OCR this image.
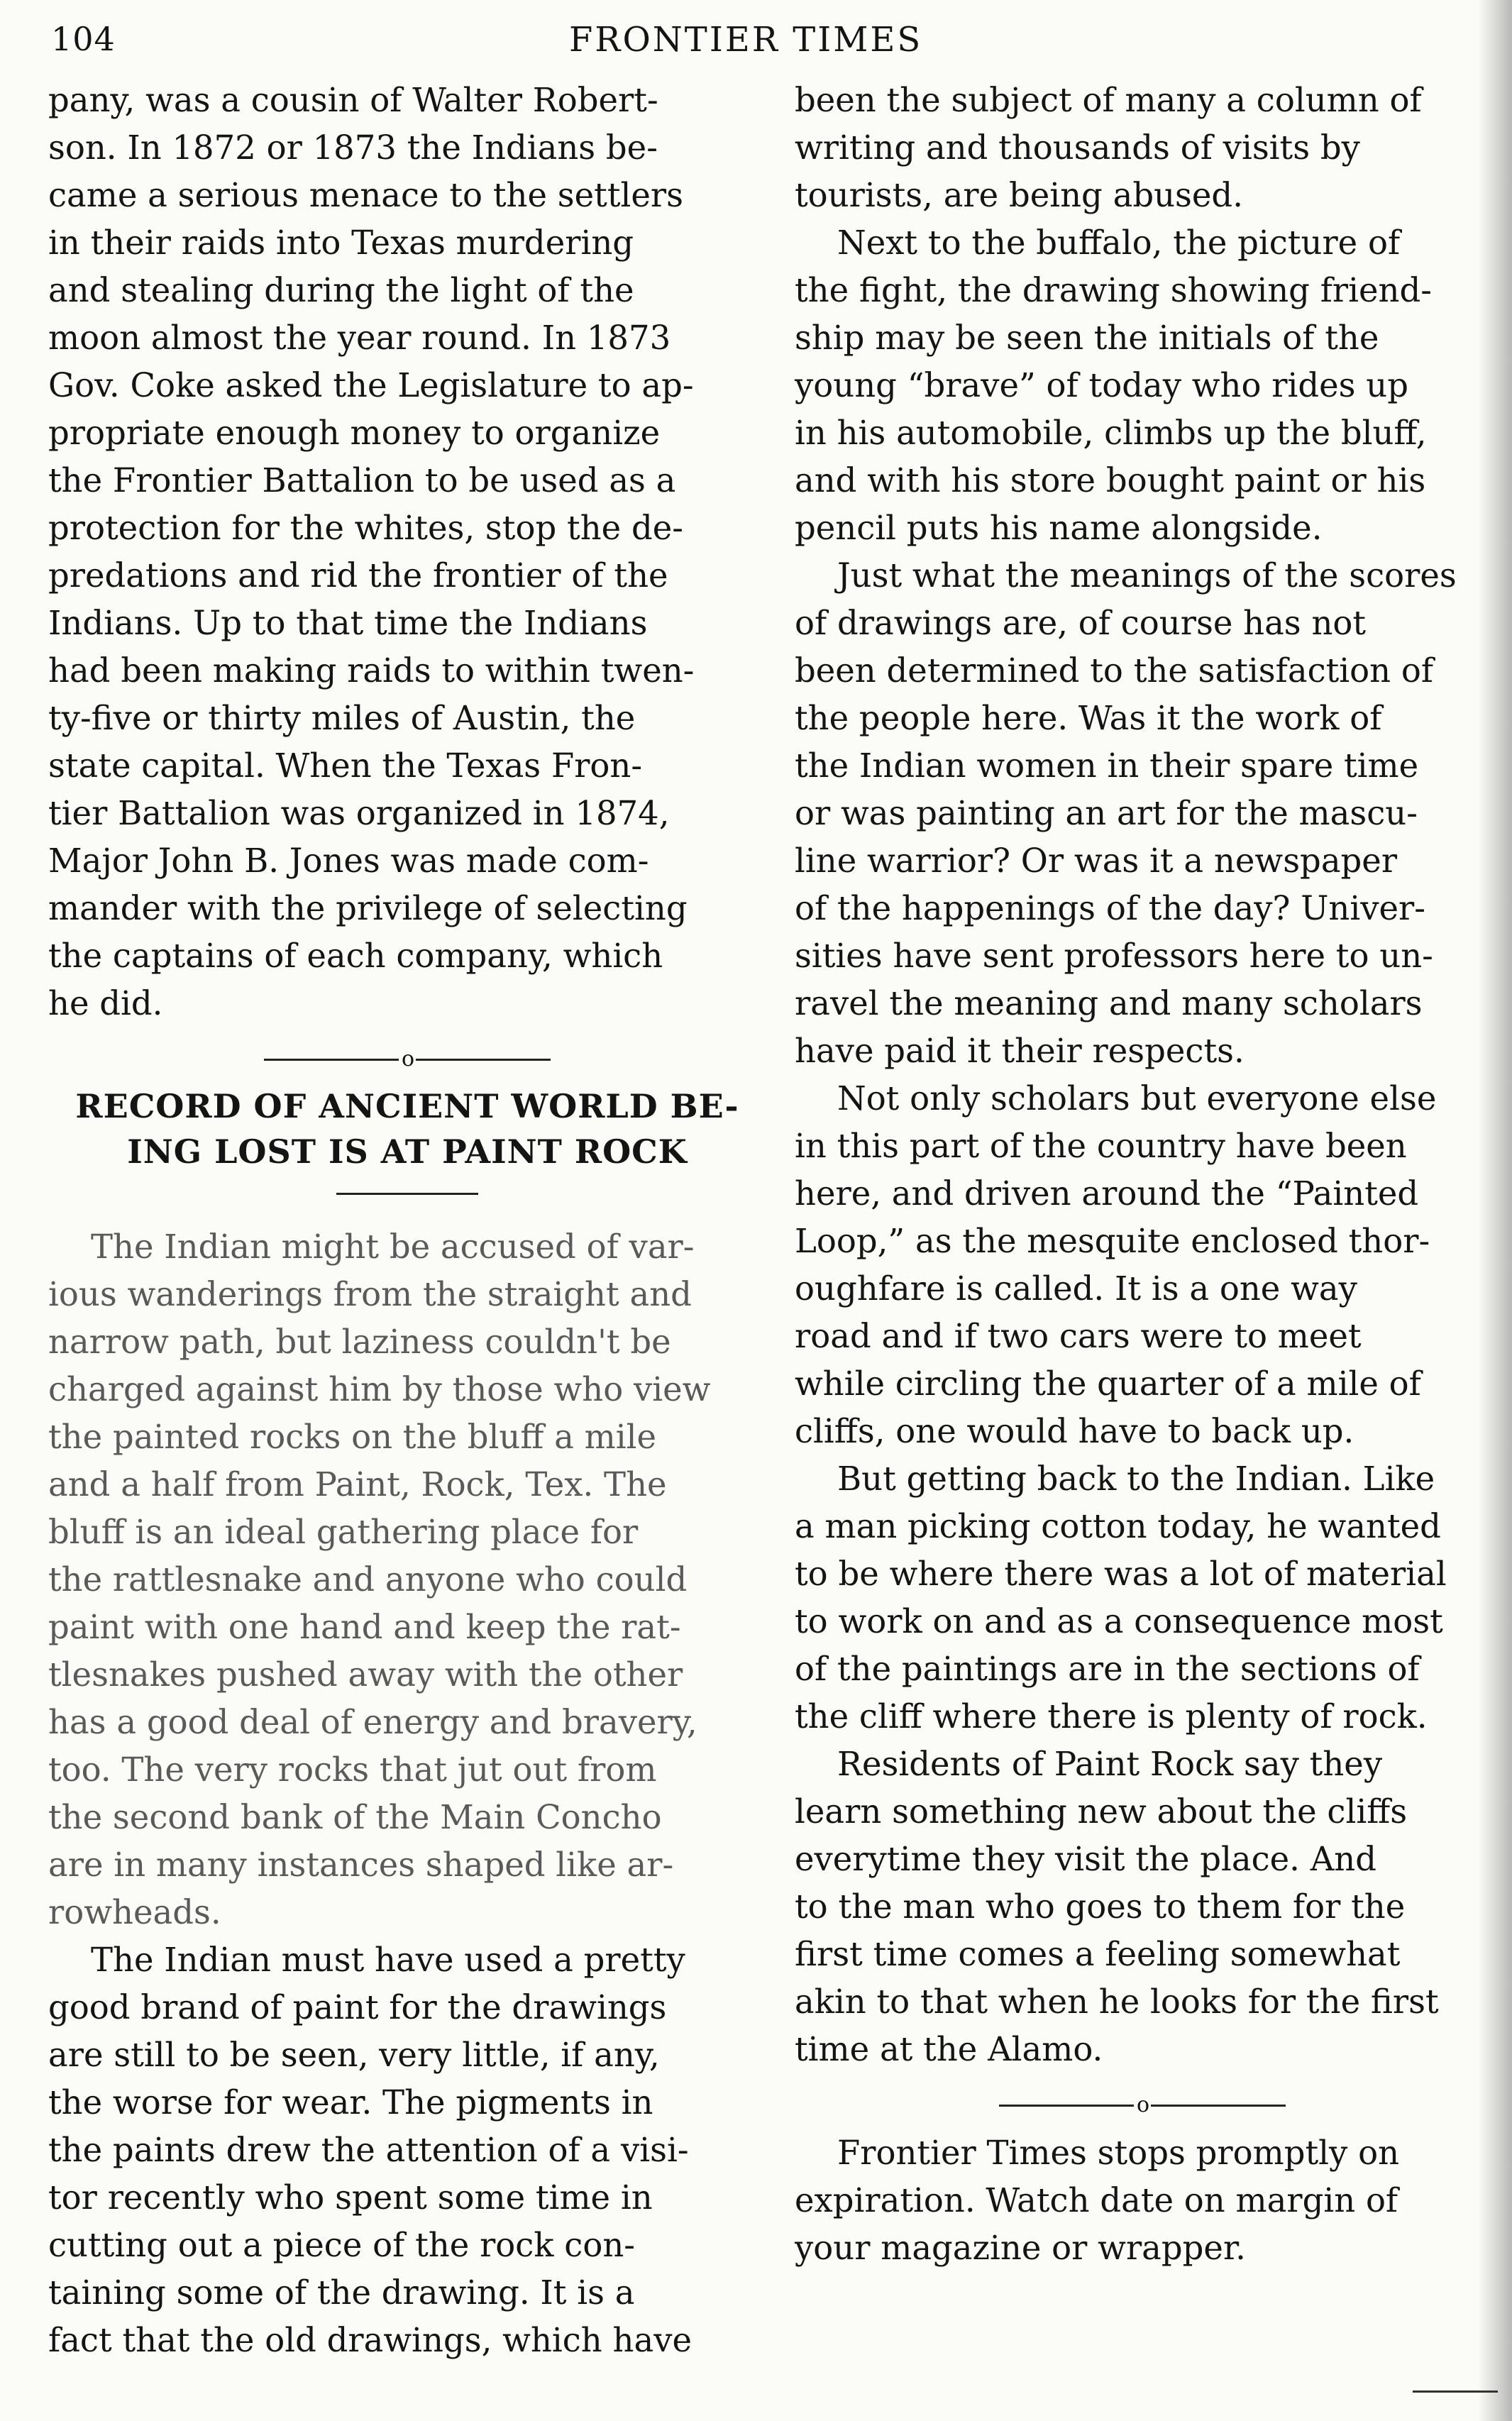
104	FRONTIER TIMES

pany, was a cousin of Walter Robert-
son. In 1872 or 1873 the Indians be-
came a serious menace to the settlers
in their raids into Texas murdering
and stealing during the light of the
moon almost the year round. In 1873
Gov. Coke asked the Legislature to ap-
propriate enough money to organize
the Frontier Battalion to be used as a
protection for the whites, stop the de-
predations and rid the frontier of the
Indians. Up to that time the Indians
had been making raids to within twen-
ty-five or thirty miles of Austin, the
state capital. When the Texas Fron-
tier Battalion was organized in 1874,
Major John B. Jones was made com-
mander with the privilege of selecting
the captains of each company, which
he did.

o

RECORD OF ANCIENT WORLD BE-
ING LOST IS AT PAINT ROCK

The Indian might be accused of var-
ious wanderings from the straight and
narrow path, but laziness couldn't be
charged against him by those who view
the painted rocks on the bluff a mile
and a half from Paint, Rock, Tex. The
bluff is an ideal gathering place for
the rattlesnake and anyone who could
paint with one hand and keep the rat-
tlesnakes pushed away with the other
has a good deal of energy and bravery,
too. The very rocks that jut out from
the second bank of the Main Concho
are in many instances shaped like ar-
rowheads.

The Indian must have used a pretty
good brand of paint for the drawings
are still to be seen, very little, if any,
the worse for wear. The pigments in
the paints drew the attention of a visi-
tor recently who spent some time in
cutting out a piece of the rock con-
taining some of the drawing. It is a
fact that the old drawings, which have

been the subject of many a column of
writing and thousands of visits by
tourists, are being abused.

Next to the buffalo, the picture of
the fight, the drawing showing friend-
ship may be seen the initials of the
young “brave” of today who rides up
in his automobile, climbs up the bluff,
and with his store bought paint or his
pencil puts his name alongside.

Just what the meanings of the scores
of drawings are, of course has not
been determined to the satisfaction of
the people here. Was it the work of
the Indian women in their spare time
or was painting an art for the mascu-
line warrior? Or was it a newspaper
of the happenings of the day? Univer-
sities have sent professors here to un-
ravel the meaning and many scholars
have paid it their respects.

Not only scholars but everyone else
in this part of the country have been
here, and driven around the “Painted
Loop,” as the mesquite enclosed thor-
oughfare is called. It is a one way
road and if two cars were to meet
while circling the quarter of a mile of
cliffs, one would have to back up.

But getting back to the Indian. Like
a man picking cotton today, he wanted
to be where there was a lot of material
to work on and as a consequence most
of the paintings are in the sections of
the cliff where there is plenty of rock.

Residents of Paint Rock say they
learn something new about the cliffs
everytime they visit the place. And
to the man who goes to them for the
first time comes a feeling somewhat
akin to that when he looks for the first
time at the Alamo.

o

Frontier Times stops promptly on
expiration. Watch date on margin of
your magazine or wrapper.
